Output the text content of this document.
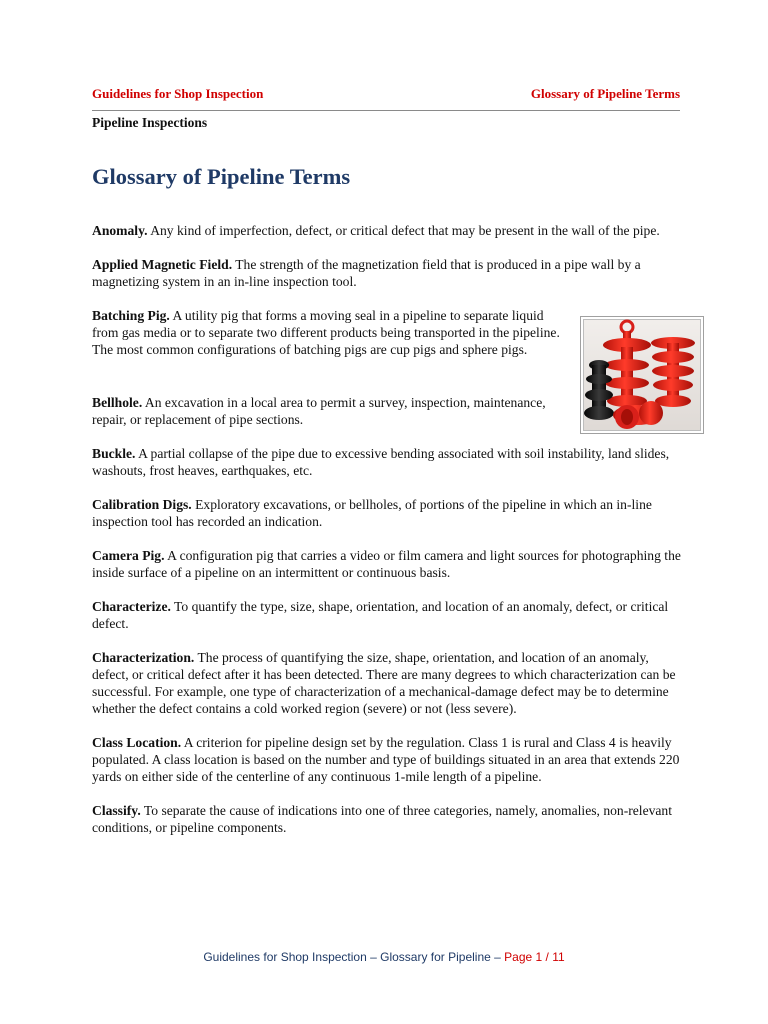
Guidelines for Shop Inspection	Glossary of Pipeline Terms
Pipeline Inspections
Glossary of Pipeline Terms

Anomaly. Any kind of imperfection, defect, or critical defect that may be present in the wall of the pipe.

Applied Magnetic Field. The strength of the magnetization field that is produced in a pipe wall by a magnetizing system in an in-line inspection tool.

Batching Pig. A utility pig that forms a moving seal in a pipeline to separate liquid from gas media or to separate two different products being transported in the pipeline. The most common configurations of batching pigs are cup pigs and sphere pigs.

Bellhole. An excavation in a local area to permit a survey, inspection, maintenance, repair, or replacement of pipe sections.

Buckle. A partial collapse of the pipe due to excessive bending associated with soil instability, land slides, washouts, frost heaves, earthquakes, etc.

Calibration Digs. Exploratory excavations, or bellholes, of portions of the pipeline in which an in-line inspection tool has recorded an indication.

Camera Pig. A configuration pig that carries a video or film camera and light sources for photographing the inside surface of a pipeline on an intermittent or continuous basis.

Characterize. To quantify the type, size, shape, orientation, and location of an anomaly, defect, or critical defect.

Characterization. The process of quantifying the size, shape, orientation, and location of an anomaly, defect, or critical defect after it has been detected. There are many degrees to which characterization can be successful. For example, one type of characterization of a mechanical-damage defect may be to determine whether the defect contains a cold worked region (severe) or not (less severe).

Class Location. A criterion for pipeline design set by the regulation. Class 1 is rural and Class 4 is heavily populated. A class location is based on the number and type of buildings situated in an area that extends 220 yards on either side of the centerline of any continuous 1-mile length of a pipeline.

Classify. To separate the cause of indications into one of three categories, namely, anomalies, non-relevant conditions, or pipeline components.

Guidelines for Shop Inspection – Glossary for Pipeline – Page 1 / 11
